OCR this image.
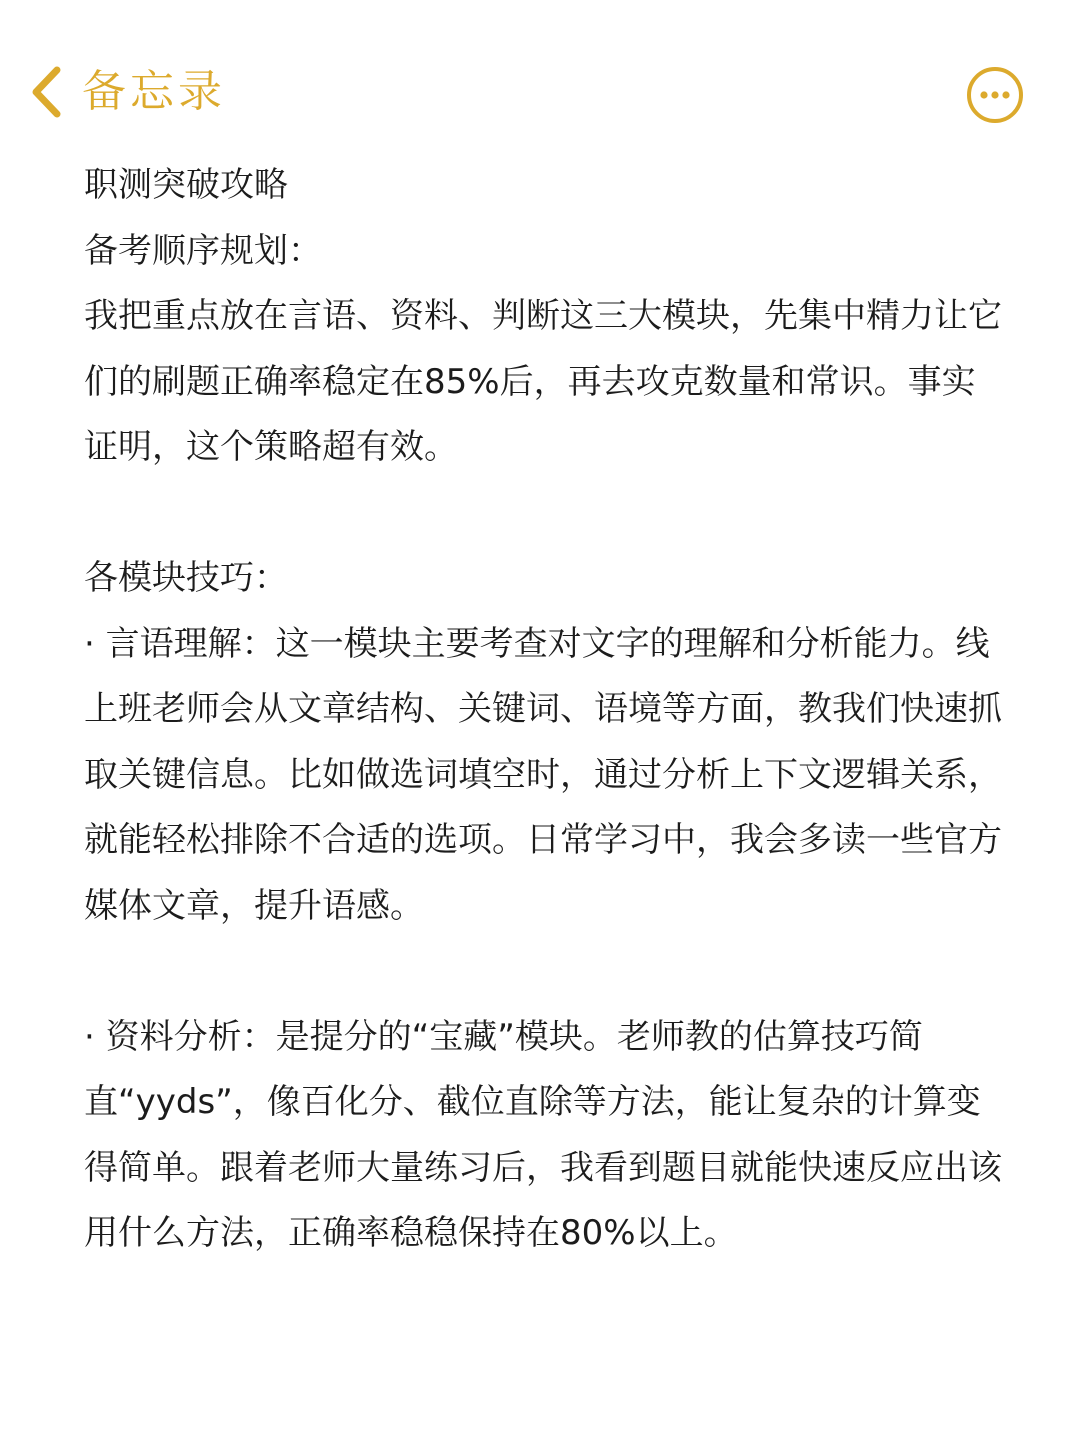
备忘录

职测突破攻略

备考顺序规划：

我把重点放在言语、资料、判断这三大模块，先集中精力让它们的刷题正确率稳定在85%后，再去攻克数量和常识。事实证明，这个策略超有效。

各模块技巧：

· 言语理解：这一模块主要考查对文字的理解和分析能力。线上班老师会从文章结构、关键词、语境等方面，教我们快速抓取关键信息。比如做选词填空时，通过分析上下文逻辑关系，就能轻松排除不合适的选项。日常学习中，我会多读一些官方媒体文章，提升语感。

· 资料分析：是提分的“宝藏”模块。老师教的估算技巧简直“yyds”，像百化分、截位直除等方法，能让复杂的计算变得简单。跟着老师大量练习后，我看到题目就能快速反应出该用什么方法，正确率稳稳保持在80%以上。
